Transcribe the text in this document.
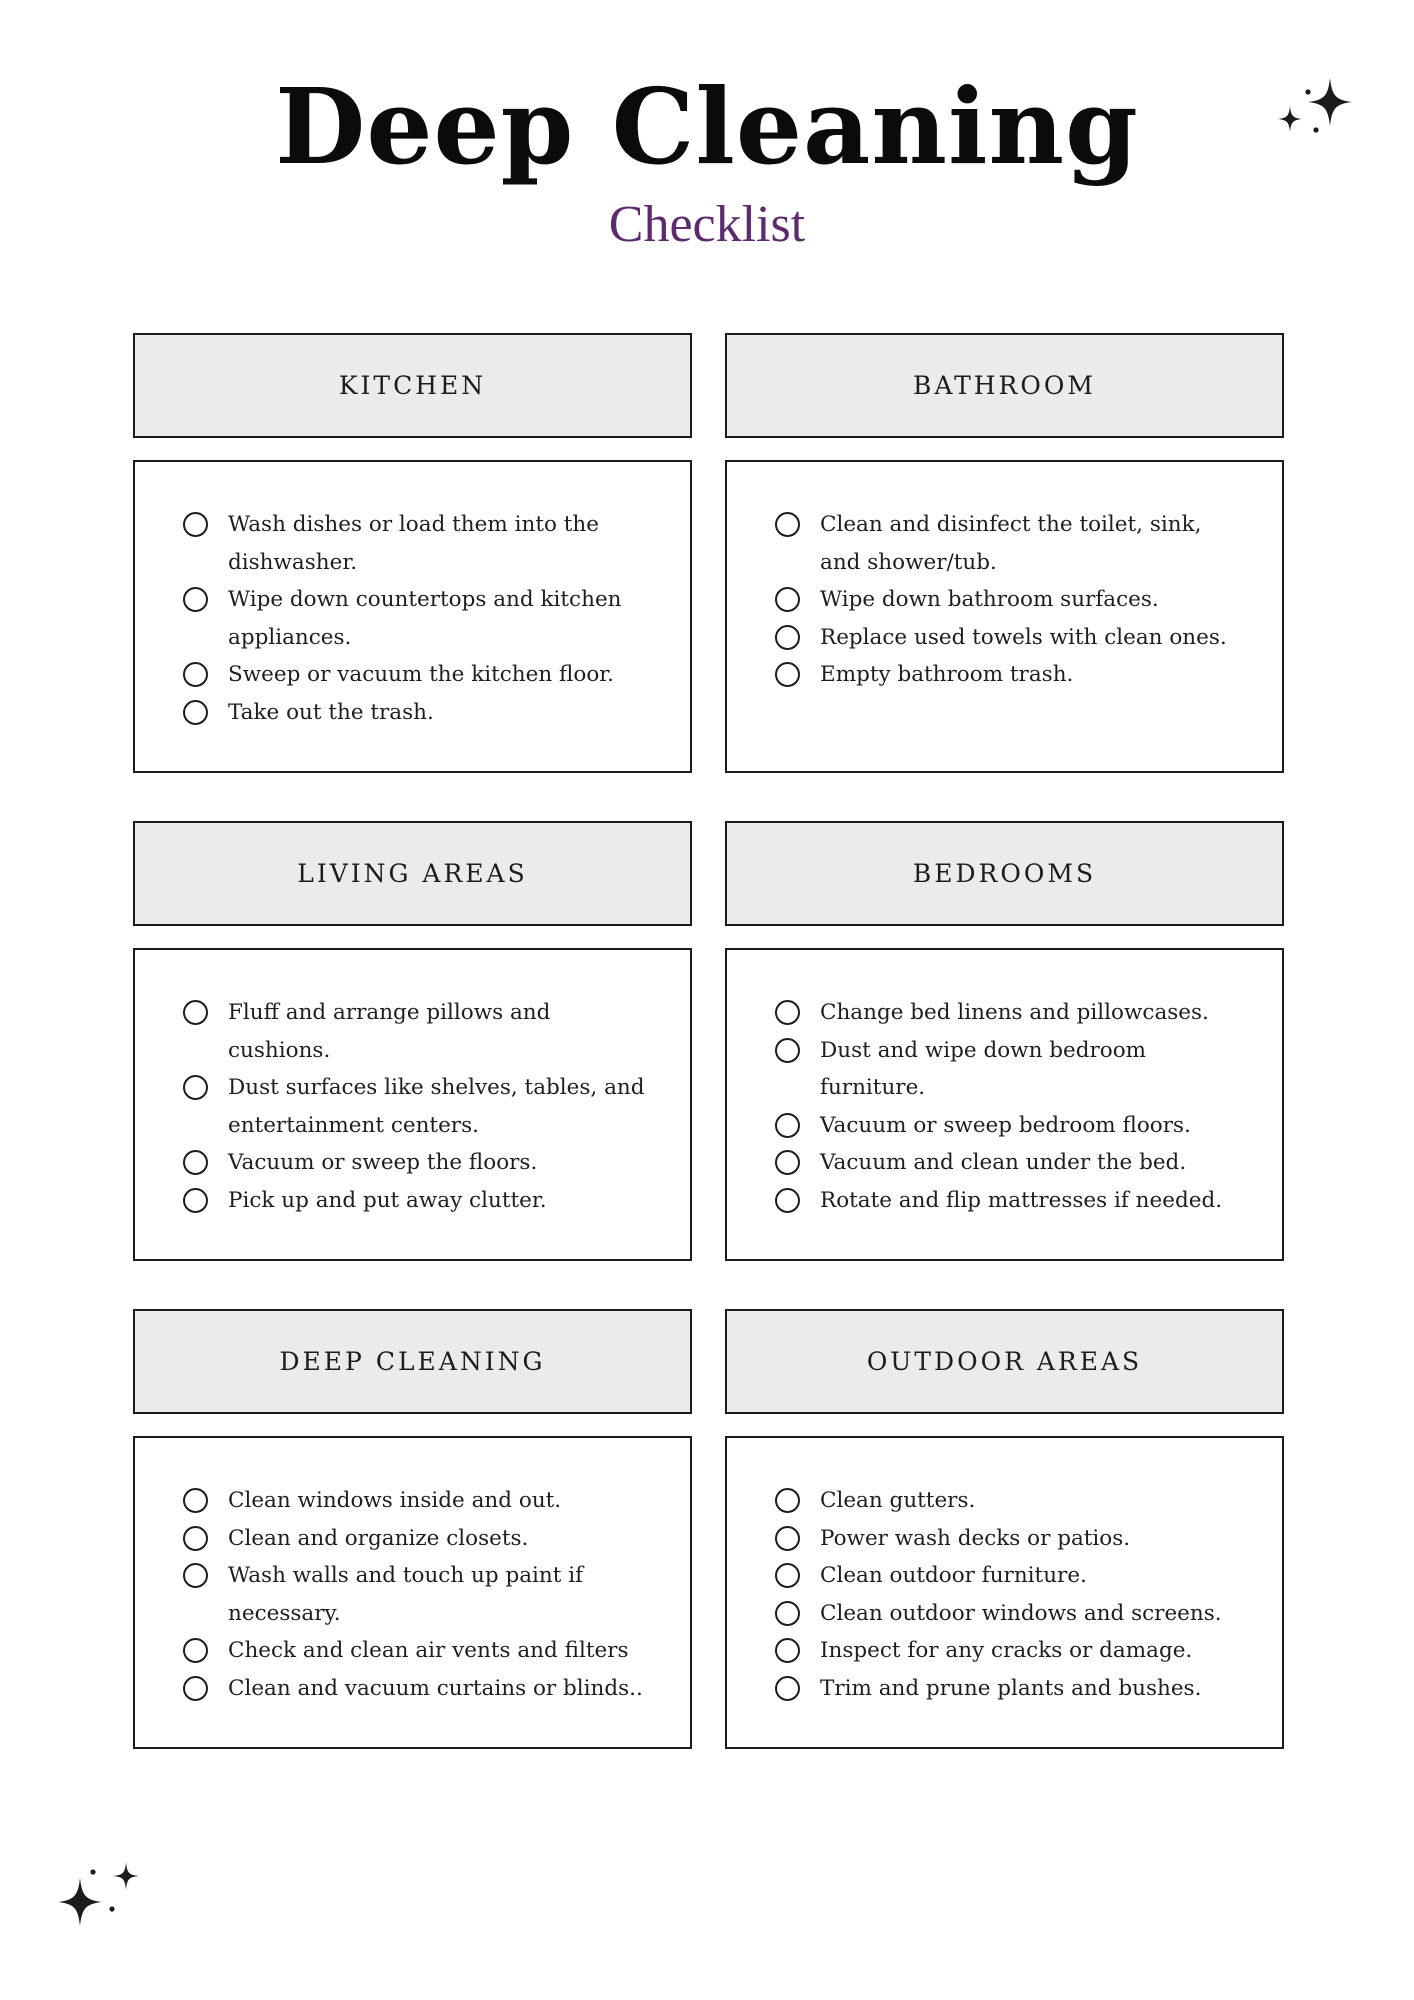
Deep Cleaning
Checklist
KITCHEN
Wash dishes or load them into the dishwasher.
Wipe down countertops and kitchen appliances.
Sweep or vacuum the kitchen floor.
Take out the trash.
BATHROOM
Clean and disinfect the toilet, sink, and shower/tub.
Wipe down bathroom surfaces.
Replace used towels with clean ones.
Empty bathroom trash.
LIVING AREAS
Fluff and arrange pillows and cushions.
Dust surfaces like shelves, tables, and entertainment centers.
Vacuum or sweep the floors.
Pick up and put away clutter.
BEDROOMS
Change bed linens and pillowcases.
Dust and wipe down bedroom furniture.
Vacuum or sweep bedroom floors.
Vacuum and clean under the bed.
Rotate and flip mattresses if needed.
DEEP CLEANING
Clean windows inside and out.
Clean and organize closets.
Wash walls and touch up paint if necessary.
Check and clean air vents and filters
Clean and vacuum curtains or blinds..
OUTDOOR AREAS
Clean gutters.
Power wash decks or patios.
Clean outdoor furniture.
Clean outdoor windows and screens.
Inspect for any cracks or damage.
Trim and prune plants and bushes.
